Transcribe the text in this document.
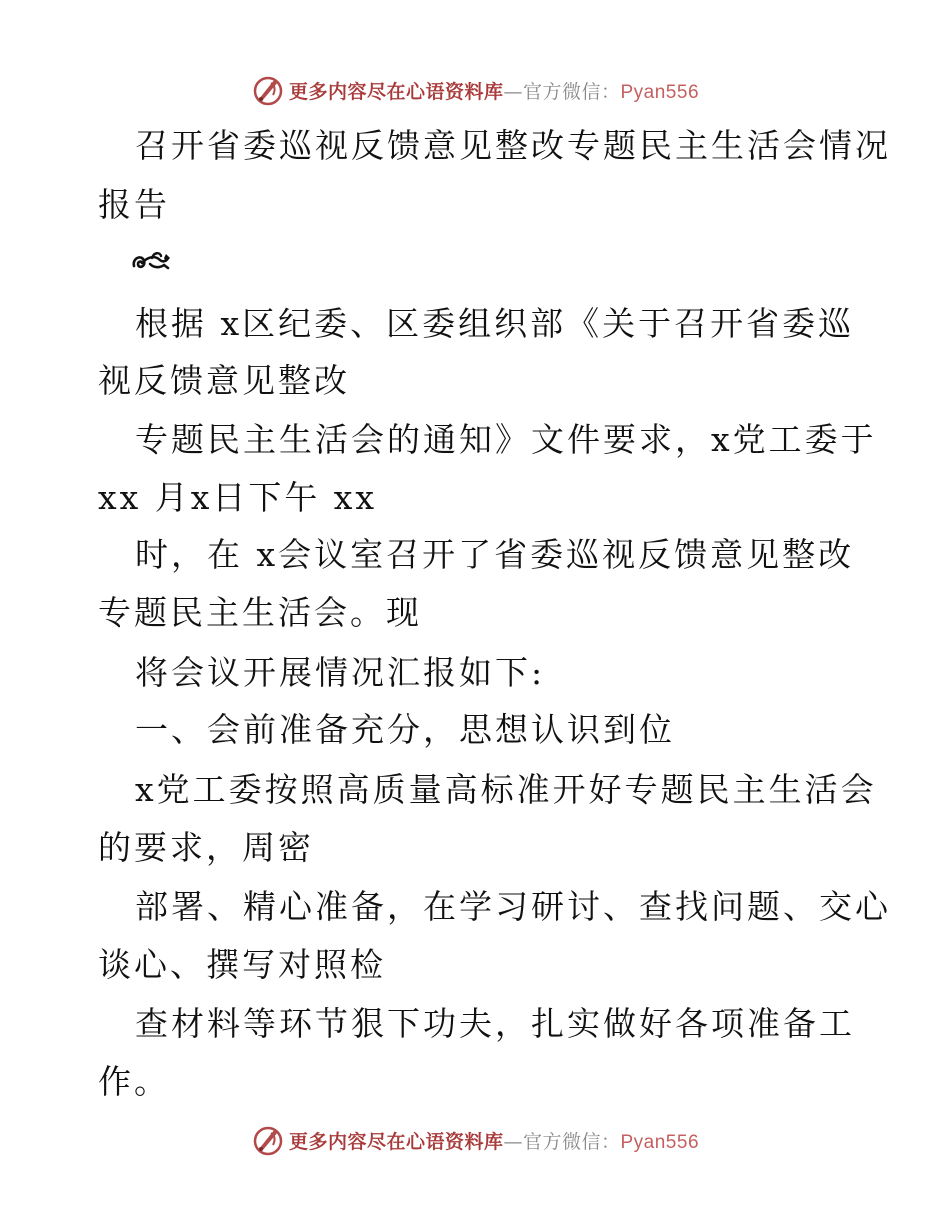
更多内容尽在心语资料库—官方微信：Pyan556
召开省委巡视反馈意见整改专题民主生活会情况
报告
根据 x区纪委、区委组织部《关于召开省委巡
视反馈意见整改
专题民主生活会的通知》文件要求，x党工委于
xx 月x日下午 xx
时，在 x会议室召开了省委巡视反馈意见整改
专题民主生活会。现
将会议开展情况汇报如下:
一、会前准备充分，思想认识到位
x党工委按照高质量高标准开好专题民主生活会
的要求，周密
部署、精心准备，在学习研讨、查找问题、交心
谈心、撰写对照检
查材料等环节狠下功夫，扎实做好各项准备工
作。
更多内容尽在心语资料库—官方微信：Pyan556
